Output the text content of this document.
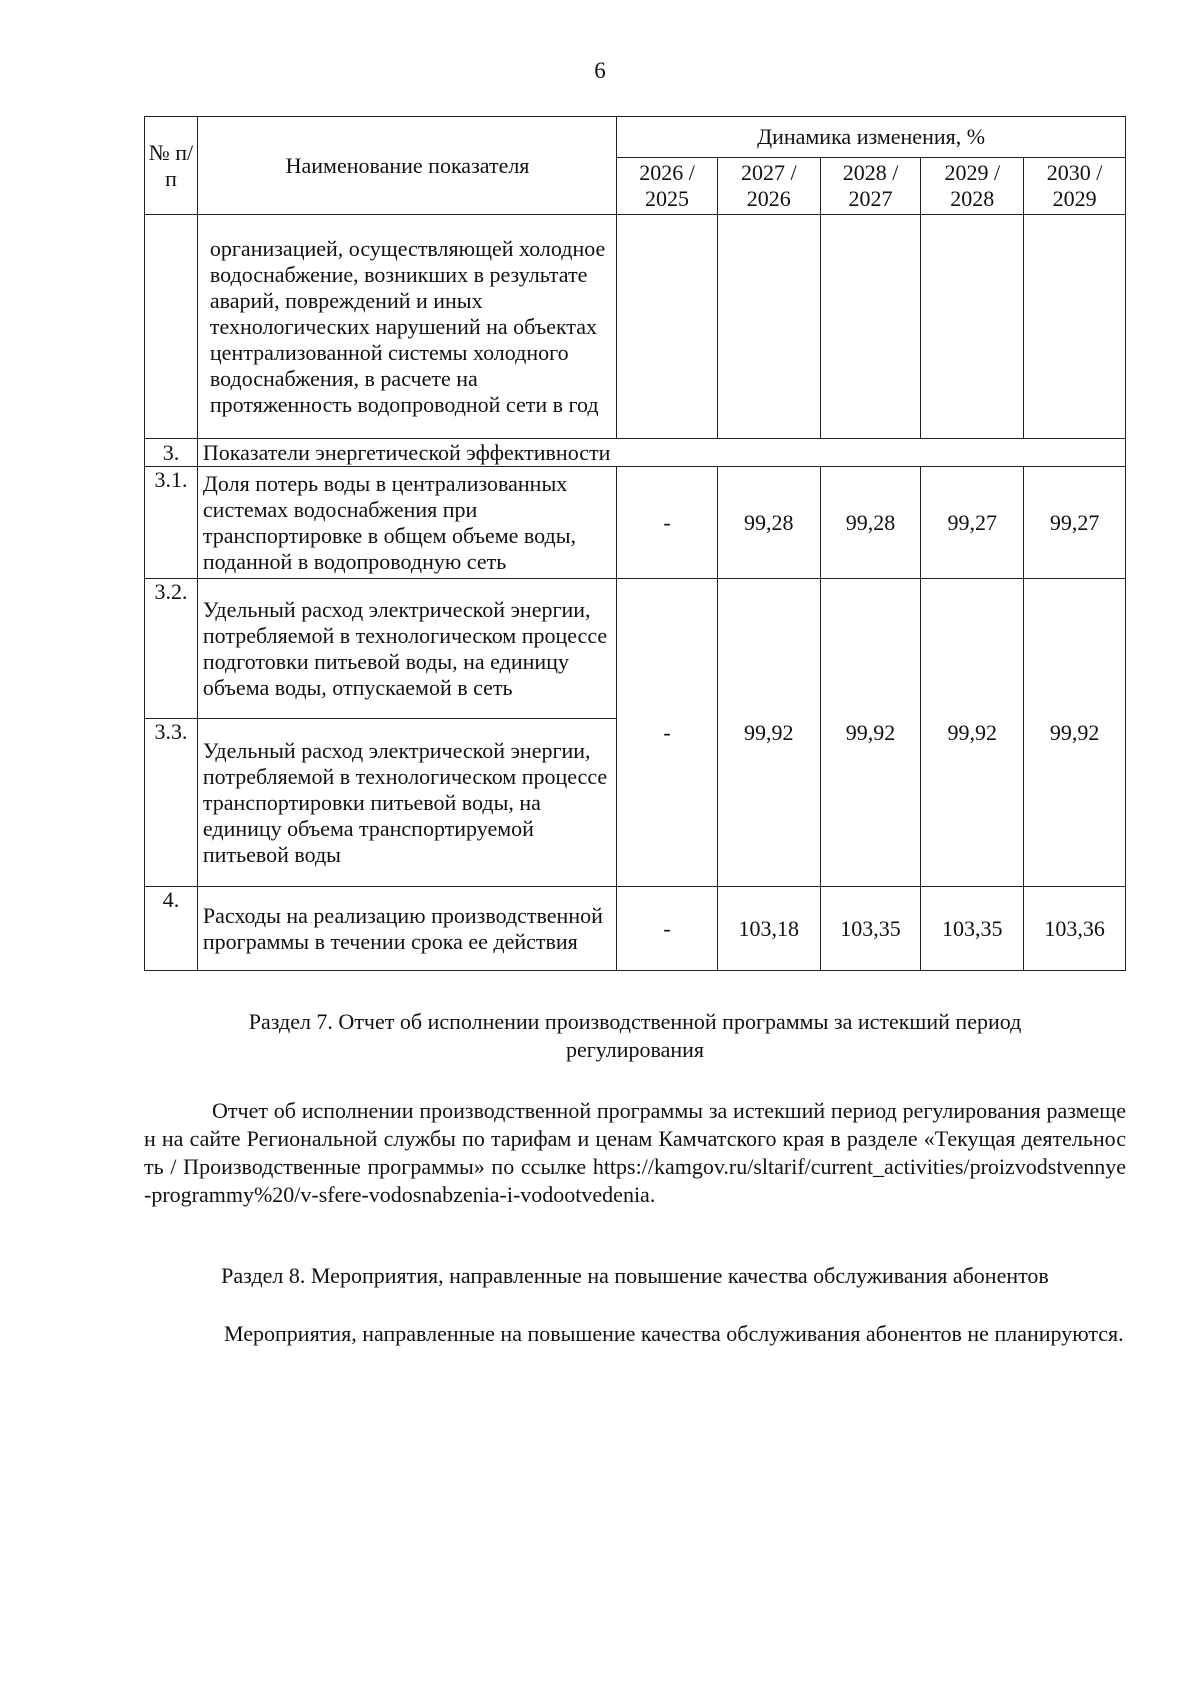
6
№ п/п	Наименование показателя	Динамика изменения, %				
		2026 / 2025	2027 / 2026	2028 / 2027	2029 / 2028	2030 / 2029
	организацией, осуществляющей холодное водоснабжение, возникших в результате аварий, повреждений и иных технологических нарушений на объектах централизованной системы холодного водоснабжения, в расчете на протяженность водопроводной сети в год					
3.	Показатели энергетической эффективности					
3.1.	Доля потерь воды в централизованных системах водоснабжения при транспортировке в общем объеме воды, поданной в водопроводную сеть	-	99,28	99,28	99,27	99,27
3.2.	Удельный расход электрической энергии, потребляемой в технологическом процессе подготовки питьевой воды, на единицу объема воды, отпускаемой в сеть	-	99,92	99,92	99,92	99,92
3.3.	Удельный расход электрической энергии, потребляемой в технологическом процессе транспортировки питьевой воды, на единицу объема транспортируемой питьевой воды					
4.	Расходы на реализацию производственной программы в течении срока ее действия	-	103,18	103,35	103,35	103,36
Раздел 7. Отчет об исполнении производственной программы за истекший период
регулирования
Отчет об исполнении производственной программы за истекший период регулирования размещен на сайте Региональной службы по тарифам и ценам Камчатского края в разделе «Текущая деятельность / Производственные программы» по ссылке https://kamgov.ru/sltarif/current_activities/proizvodstvennye-programmy%20/v-sfere-vodosnabzenia-i-vodootvedenia.
Раздел 8. Мероприятия, направленные на повышение качества обслуживания абонентов
Мероприятия, направленные на повышение качества обслуживания абонентов не планируются.
